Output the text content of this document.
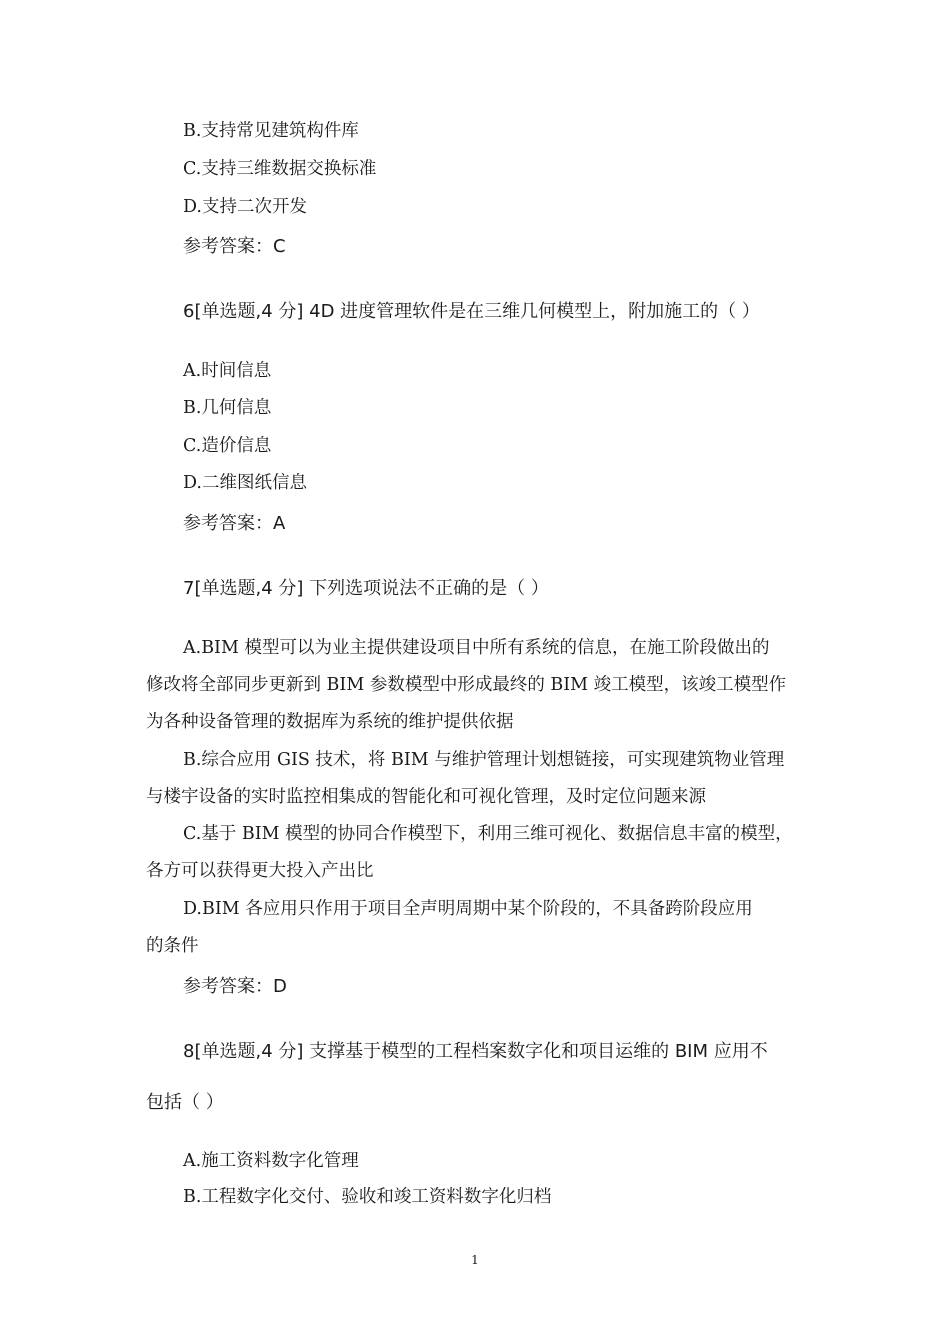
B.支持常见建筑构件库
C.支持三维数据交换标准
D.支持二次开发
参考答案：C
6[单选题,4 分] 4D 进度管理软件是在三维几何模型上，附加施工的（ ）
A.时间信息
B.几何信息
C.造价信息
D.二维图纸信息
参考答案：A
7[单选题,4 分] 下列选项说法不正确的是（ ）
A.BIM 模型可以为业主提供建设项目中所有系统的信息，在施工阶段做出的
修改将全部同步更新到 BIM 参数模型中形成最终的 BIM 竣工模型，该竣工模型作
为各种设备管理的数据库为系统的维护提供依据
B.综合应用 GIS 技术，将 BIM 与维护管理计划想链接，可实现建筑物业管理
与楼宇设备的实时监控相集成的智能化和可视化管理，及时定位问题来源
C.基于 BIM 模型的协同合作模型下，利用三维可视化、数据信息丰富的模型，
各方可以获得更大投入产出比
D.BIM 各应用只作用于项目全声明周期中某个阶段的，不具备跨阶段应用
的条件
参考答案：D
8[单选题,4 分] 支撑基于模型的工程档案数字化和项目运维的 BIM 应用不
包括（ ）
A.施工资料数字化管理
B.工程数字化交付、验收和竣工资料数字化归档
1
